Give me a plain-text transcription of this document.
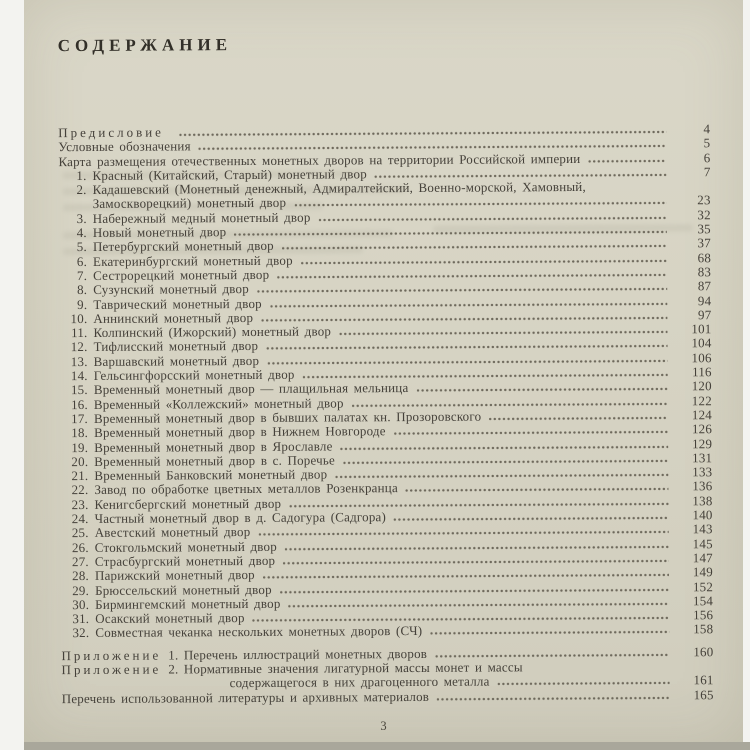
СОДЕРЖАНИЕ
Предисловие	4
Условные обозначения	5
Карта размещения отечественных монетных дворов на территории Российской империи	6
1. Красный (Китайский, Старый) монетный двор	7
2. Кадашевский (Монетный денежный, Адмиралтейский, Военно-морской, Хамовный,
Замоскворецкий) монетный двор	23
3. Набережный медный монетный двор	32
4. Новый монетный двор	35
5. Петербургский монетный двор	37
6. Екатеринбургский монетный двор	68
7. Сестрорецкий монетный двор	83
8. Сузунский монетный двор	87
9. Таврический монетный двор	94
10. Аннинский монетный двор	97
11. Колпинский (Ижорский) монетный двор	101
12. Тифлисский монетный двор	104
13. Варшавский монетный двор	106
14. Гельсингфорсский монетный двор	116
15. Временный монетный двор — плащильная мельница	120
16. Временный «Коллежский» монетный двор	122
17. Временный монетный двор в бывших палатах кн. Прозоровского	124
18. Временный монетный двор в Нижнем Новгороде	126
19. Временный монетный двор в Ярославле	129
20. Временный монетный двор в с. Поречье	131
21. Временный Банковский монетный двор	133
22. Завод по обработке цветных металлов Розенкранца	136
23. Кенигсбергский монетный двор	138
24. Частный монетный двор в д. Садогура (Садгора)	140
25. Авестский монетный двор	143
26. Стокгольмский монетный двор	145
27. Страсбургский монетный двор	147
28. Парижский монетный двор	149
29. Брюссельский монетный двор	152
30. Бирмингемский монетный двор	154
31. Осакский монетный двор	156
32. Совместная чеканка нескольких монетных дворов (СЧ)	158
Приложение 1. Перечень иллюстраций монетных дворов	160
Приложение 2. Нормативные значения лигатурной массы монет и массы
содержащегося в них драгоценного металла	161
Перечень использованной литературы и архивных материалов	165
3
